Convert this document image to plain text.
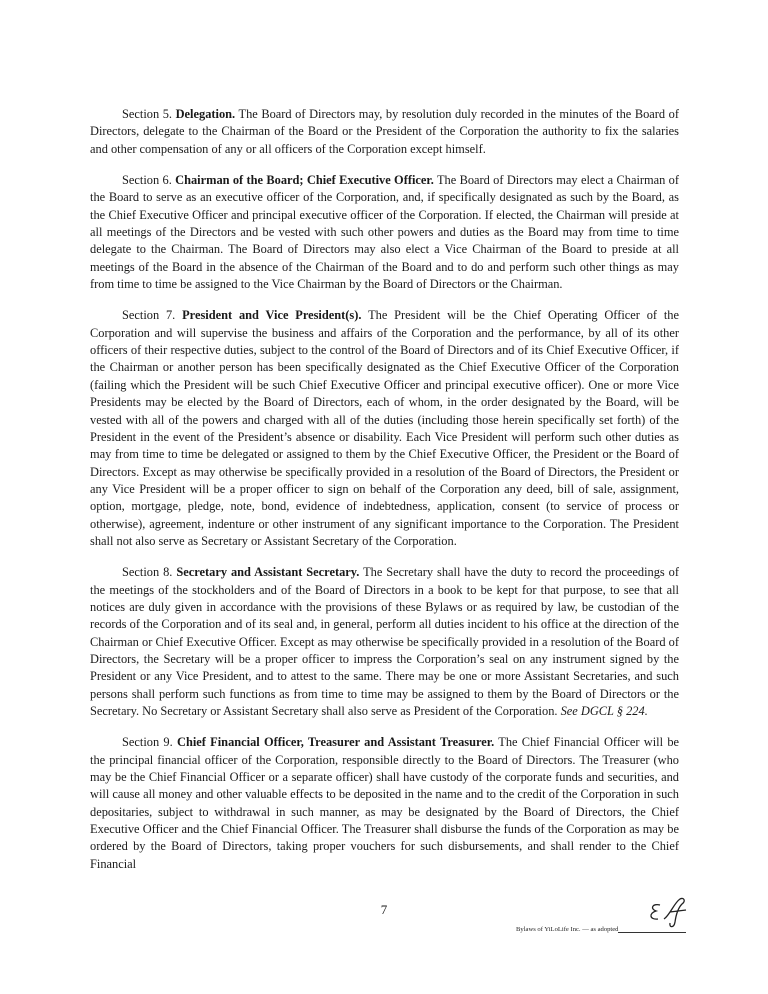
Section 5. Delegation. The Board of Directors may, by resolution duly recorded in the minutes of the Board of Directors, delegate to the Chairman of the Board or the President of the Corporation the authority to fix the salaries and other compensation of any or all officers of the Corporation except himself.

Section 6. Chairman of the Board; Chief Executive Officer. The Board of Directors may elect a Chairman of the Board to serve as an executive officer of the Corporation, and, if specifically designated as such by the Board, as the Chief Executive Officer and principal executive officer of the Corporation. If elected, the Chairman will preside at all meetings of the Directors and be vested with such other powers and duties as the Board may from time to time delegate to the Chairman. The Board of Directors may also elect a Vice Chairman of the Board to preside at all meetings of the Board in the absence of the Chairman of the Board and to do and perform such other things as may from time to time be assigned to the Vice Chairman by the Board of Directors or the Chairman.

Section 7. President and Vice President(s). The President will be the Chief Operating Officer of the Corporation and will supervise the business and affairs of the Corporation and the performance, by all of its other officers of their respective duties, subject to the control of the Board of Directors and of its Chief Executive Officer, if the Chairman or another person has been specifically designated as the Chief Executive Officer of the Corporation (failing which the President will be such Chief Executive Officer and principal executive officer). One or more Vice Presidents may be elected by the Board of Directors, each of whom, in the order designated by the Board, will be vested with all of the powers and charged with all of the duties (including those herein specifically set forth) of the President in the event of the President’s absence or disability. Each Vice President will perform such other duties as may from time to time be delegated or assigned to them by the Chief Executive Officer, the President or the Board of Directors. Except as may otherwise be specifically provided in a resolution of the Board of Directors, the President or any Vice President will be a proper officer to sign on behalf of the Corporation any deed, bill of sale, assignment, option, mortgage, pledge, note, bond, evidence of indebtedness, application, consent (to service of process or otherwise), agreement, indenture or other instrument of any significant importance to the Corporation. The President shall not also serve as Secretary or Assistant Secretary of the Corporation.

Section 8. Secretary and Assistant Secretary. The Secretary shall have the duty to record the proceedings of the meetings of the stockholders and of the Board of Directors in a book to be kept for that purpose, to see that all notices are duly given in accordance with the provisions of these Bylaws or as required by law, be custodian of the records of the Corporation and of its seal and, in general, perform all duties incident to his office at the direction of the Chairman or Chief Executive Officer. Except as may otherwise be specifically provided in a resolution of the Board of Directors, the Secretary will be a proper officer to impress the Corporation’s seal on any instrument signed by the President or any Vice President, and to attest to the same. There may be one or more Assistant Secretaries, and such persons shall perform such functions as from time to time may be assigned to them by the Board of Directors or the Secretary. No Secretary or Assistant Secretary shall also serve as President of the Corporation. See DGCL § 224.

Section 9. Chief Financial Officer, Treasurer and Assistant Treasurer. The Chief Financial Officer will be the principal financial officer of the Corporation, responsible directly to the Board of Directors. The Treasurer (who may be the Chief Financial Officer or a separate officer) shall have custody of the corporate funds and securities, and will cause all money and other valuable effects to be deposited in the name and to the credit of the Corporation in such depositaries, subject to withdrawal in such manner, as may be designated by the Board of Directors, the Chief Executive Officer and the Chief Financial Officer. The Treasurer shall disburse the funds of the Corporation as may be ordered by the Board of Directors, taking proper vouchers for such disbursements, and shall render to the Chief Financial

7
Bylaws of YiLoLife Inc. — as adopted
